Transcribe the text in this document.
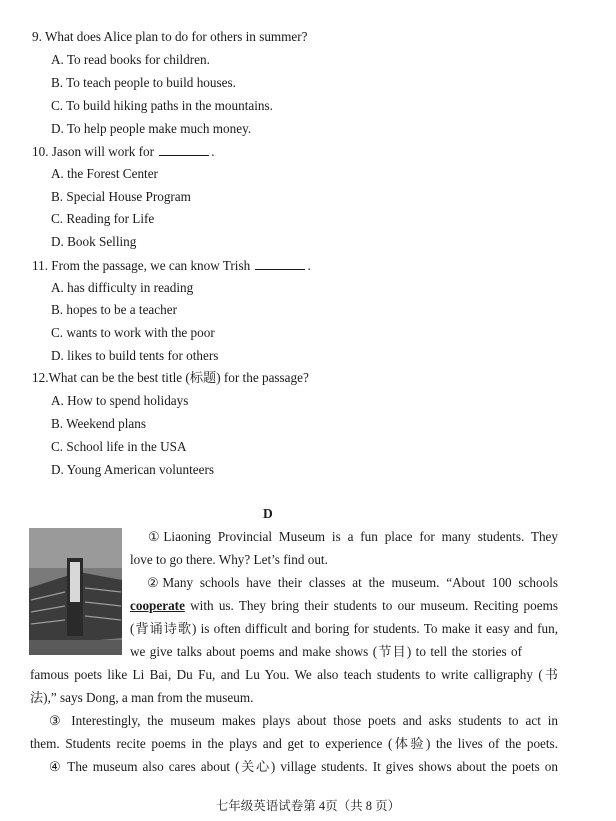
9. What does Alice plan to do for others in summer?
A. To read books for children.
B. To teach people to build houses.
C. To build hiking paths in the mountains.
D. To help people make much money.
10. Jason will work for	.
A. the Forest Center
B. Special House Program
C. Reading for Life
D. Book Selling
11. From the passage, we can know Trish	.
A. has difficulty in reading
B. hopes to be a teacher
C. wants to work with the poor
D. likes to build tents for others
12.What can be the best title (标题) for the passage?
A. How to spend holidays
B. Weekend plans
C. School life in the USA
D. Young American volunteers
D
①Liaoning Provincial Museum is a fun place for many students. They
love to go there. Why? Let’s find out.
②Many schools have their classes at the museum. “About 100 schools
cooperate with us. They bring their students to our museum. Reciting poems
(背诵诗歌) is often difficult and boring for students. To make it easy and fun,
we give talks about poems and make shows (节目) to tell the stories of
famous poets like Li Bai, Du Fu, and Lu You. We also teach students to write calligraphy (书
法),” says Dong, a man from the museum.
③ Interestingly, the museum makes plays about those poets and asks students to act in
them. Students recite poems in the plays and get to experience (体验) the lives of the poets.
④ The museum also cares about (关心) village students. It gives shows about the poets on
七年级英语试卷第 4页（共 8 页）
